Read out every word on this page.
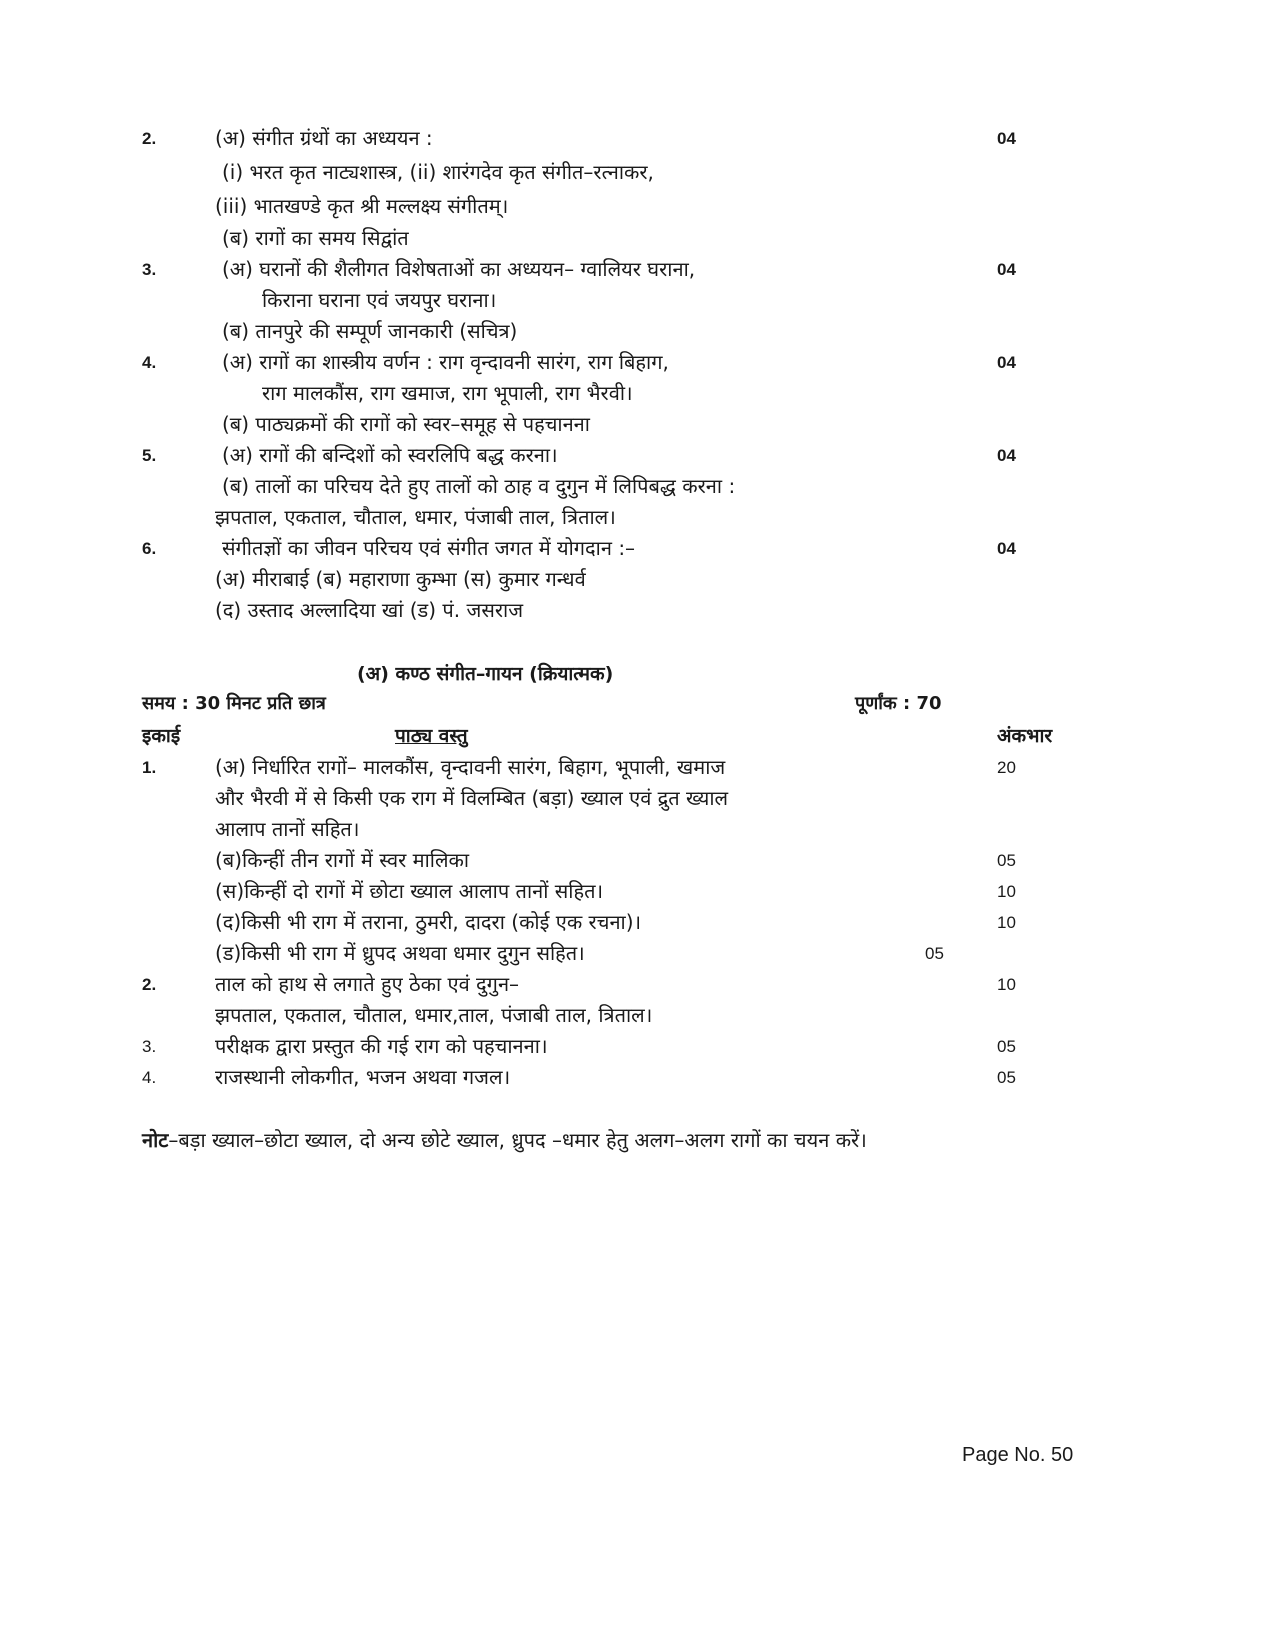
2.	(अ) संगीत ग्रंथों का अध्ययन :
(i) भरत कृत नाट्यशास्त्र, (ii) शारंगदेव कृत संगीत–रत्नाकर,
(iii) भातखण्डे कृत श्री मल्लक्ष्य संगीतम्।
(ब) रागों का समय सिद्वांत
04
3.	(अ) घरानों की शैलीगत विशेषताओं का अध्ययन– ग्वालियर घराना,
किराना घराना एवं जयपुर घराना।
(ब) तानपुरे की सम्पूर्ण जानकारी (सचित्र)
04
4.	(अ) रागों का शास्त्रीय वर्णन : राग वृन्दावनी सारंग, राग बिहाग,
राग मालकौंस, राग खमाज, राग भूपाली, राग भैरवी।
(ब) पाठ्यक्रमों की रागों को स्वर–समूह से पहचानना
04
5.	(अ) रागों की बन्दिशों को स्वरलिपि बद्ध करना।
(ब) तालों का परिचय देते हुए तालों को ठाह व दुगुन में लिपिबद्ध करना :
झपताल, एकताल, चौताल, धमार, पंजाबी ताल, त्रिताल।
04
6.	संगीतज्ञों का जीवन परिचय एवं संगीत जगत में योगदान :–
(अ) मीराबाई (ब) महाराणा कुम्भा (स) कुमार गन्धर्व
(द) उस्ताद अल्लादिया खां (ड) पं. जसराज
04
(अ) कण्ठ संगीत–गायन (क्रियात्मक)
समय : 30 मिनट प्रति छात्र	पूर्णांक : 70
इकाई	पाठ्य वस्तु	अंकभार
1.	(अ) निर्धारित रागों– मालकौंस, वृन्दावनी सारंग, बिहाग, भूपाली, खमाज
और भैरवी में से किसी एक राग में विलम्बित (बड़ा) ख्याल एवं द्रुत ख्याल
आलाप तानों सहित।
20
(ब)किन्हीं तीन रागों में स्वर मालिका	05
(स)किन्हीं दो रागों में छोटा ख्याल आलाप तानों सहित।	10
(द)किसी भी राग में तराना, ठुमरी, दादरा (कोई एक रचना)।	10
(ड)किसी भी राग में ध्रुपद अथवा धमार दुगुन सहित।	05
2.	ताल को हाथ से लगाते हुए ठेका एवं दुगुन–
झपताल, एकताल, चौताल, धमार,ताल, पंजाबी ताल, त्रिताल।
10
3.	परीक्षक द्वारा प्रस्तुत की गई राग को पहचानना।	05
4.	राजस्थानी लोकगीत, भजन अथवा गजल।	05
नोट–बड़ा ख्याल–छोटा ख्याल, दो अन्य छोटे ख्याल, ध्रुपद –धमार हेतु अलग–अलग रागों का चयन करें।
Page No. 50
